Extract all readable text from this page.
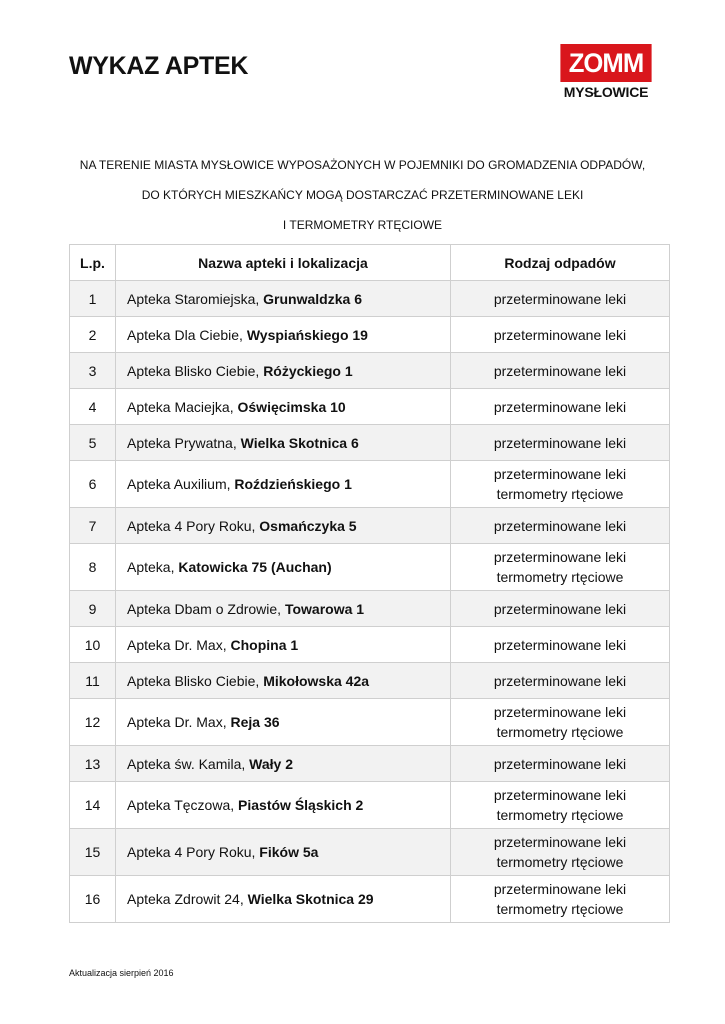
WYKAZ APTEK	ZOMM
MYSŁOWICE
NA TERENIE MIASTA MYSŁOWICE WYPOSAŻONYCH W POJEMNIKI DO GROMADZENIA ODPADÓW,
DO KTÓRYCH MIESZKAŃCY MOGĄ DOSTARCZAĆ PRZETERMINOWANE LEKI
I TERMOMETRY RTĘCIOWE
L.p.	Nazwa apteki i lokalizacja	Rodzaj odpadów
1	Apteka Staromiejska, Grunwaldzka 6	przeterminowane leki

2	Apteka Dla Ciebie, Wyspiańskiego 19	przeterminowane leki

3	Apteka Blisko Ciebie, Różyckiego 1	przeterminowane leki

4	Apteka Maciejka, Oświęcimska 10	przeterminowane leki

5	Apteka Prywatna, Wielka Skotnica 6	przeterminowane leki

6	Apteka Auxilium, Roździeńskiego 1	przeterminowane leki
termometry rtęciowe

7	Apteka 4 Pory Roku, Osmańczyka 5	przeterminowane leki

8	Apteka, Katowicka 75 (Auchan)	przeterminowane leki
termometry rtęciowe

9	Apteka Dbam o Zdrowie, Towarowa 1	przeterminowane leki

10	Apteka Dr. Max, Chopina 1	przeterminowane leki

11	Apteka Blisko Ciebie, Mikołowska 42a	przeterminowane leki

12	Apteka Dr. Max, Reja 36	przeterminowane leki
termometry rtęciowe

13	Apteka św. Kamila, Wały 2	przeterminowane leki

14	Apteka Tęczowa, Piastów Śląskich 2	przeterminowane leki
termometry rtęciowe

15	Apteka 4 Pory Roku, Fików 5a	przeterminowane leki
termometry rtęciowe

16	Apteka Zdrowit 24, Wielka Skotnica 29	przeterminowane leki
termometry rtęciowe
Aktualizacja sierpień 2016
